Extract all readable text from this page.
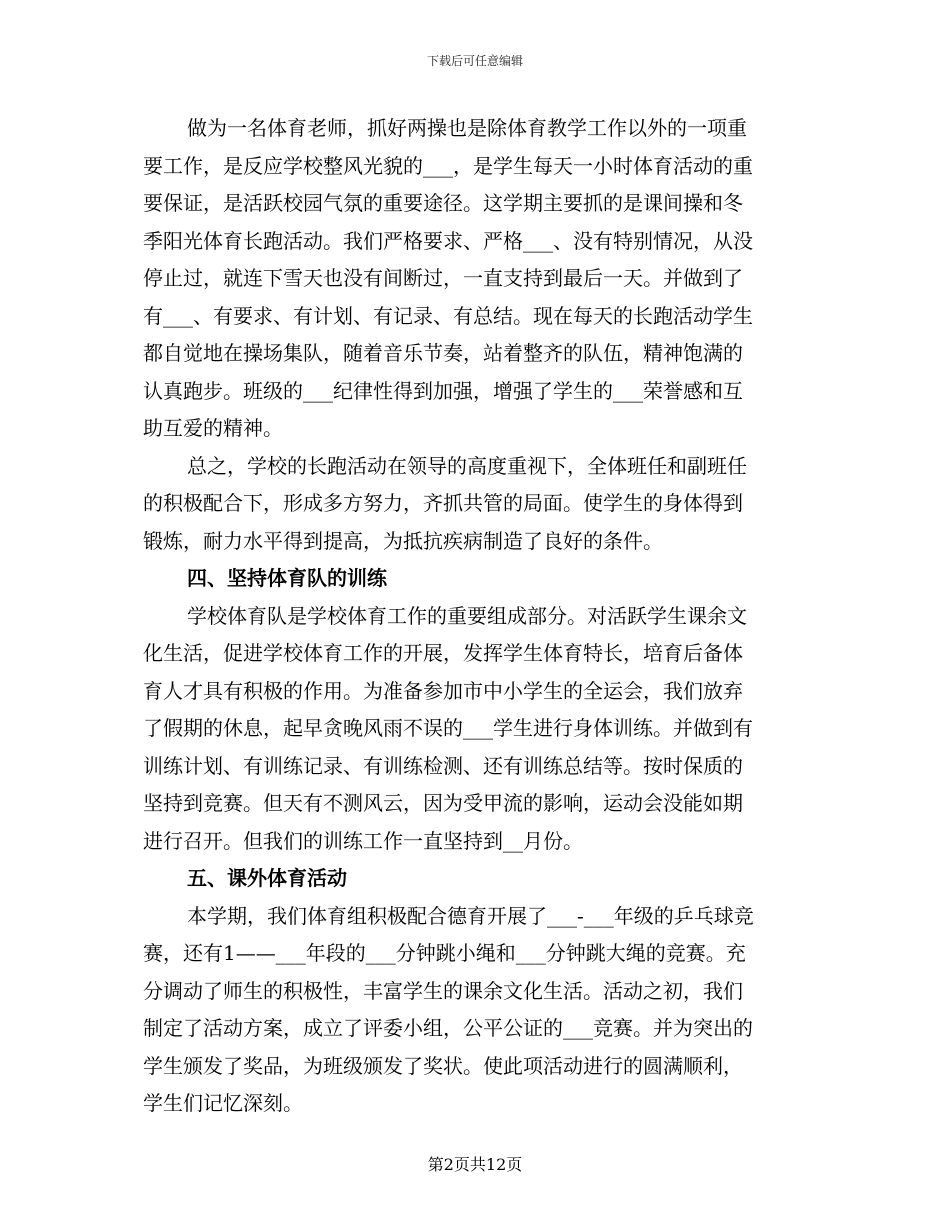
下载后可任意编辑
做为一名体育老师，抓好两操也是除体育教学工作以外的一项重
要工作，是反应学校整风光貌的___，是学生每天一小时体育活动的重
要保证，是活跃校园气氛的重要途径。这学期主要抓的是课间操和冬
季阳光体育长跑活动。我们严格要求、严格___、没有特别情况，从没
停止过，就连下雪天也没有间断过，一直支持到最后一天。并做到了
有___、有要求、有计划、有记录、有总结。现在每天的长跑活动学生
都自觉地在操场集队，随着音乐节奏，站着整齐的队伍，精神饱满的
认真跑步。班级的___纪律性得到加强，增强了学生的___荣誉感和互
助互爱的精神。
总之，学校的长跑活动在领导的高度重视下，全体班任和副班任
的积极配合下，形成多方努力，齐抓共管的局面。使学生的身体得到
锻炼，耐力水平得到提高，为抵抗疾病制造了良好的条件。
四、坚持体育队的训练
学校体育队是学校体育工作的重要组成部分。对活跃学生课余文
化生活，促进学校体育工作的开展，发挥学生体育特长，培育后备体
育人才具有积极的作用。为准备参加市中小学生的全运会，我们放弃
了假期的休息，起早贪晚风雨不误的___学生进行身体训练。并做到有
训练计划、有训练记录、有训练检测、还有训练总结等。按时保质的
坚持到竞赛。但天有不测风云，因为受甲流的影响，运动会没能如期
进行召开。但我们的训练工作一直坚持到__月份。
五、课外体育活动
本学期，我们体育组积极配合德育开展了___-___年级的乒乓球竞
赛，还有1——___年段的___分钟跳小绳和___分钟跳大绳的竞赛。充
分调动了师生的积极性，丰富学生的课余文化生活。活动之初，我们
制定了活动方案，成立了评委小组，公平公证的___竞赛。并为突出的
学生颁发了奖品，为班级颁发了奖状。使此项活动进行的圆满顺利，
学生们记忆深刻。
第2页共12页
